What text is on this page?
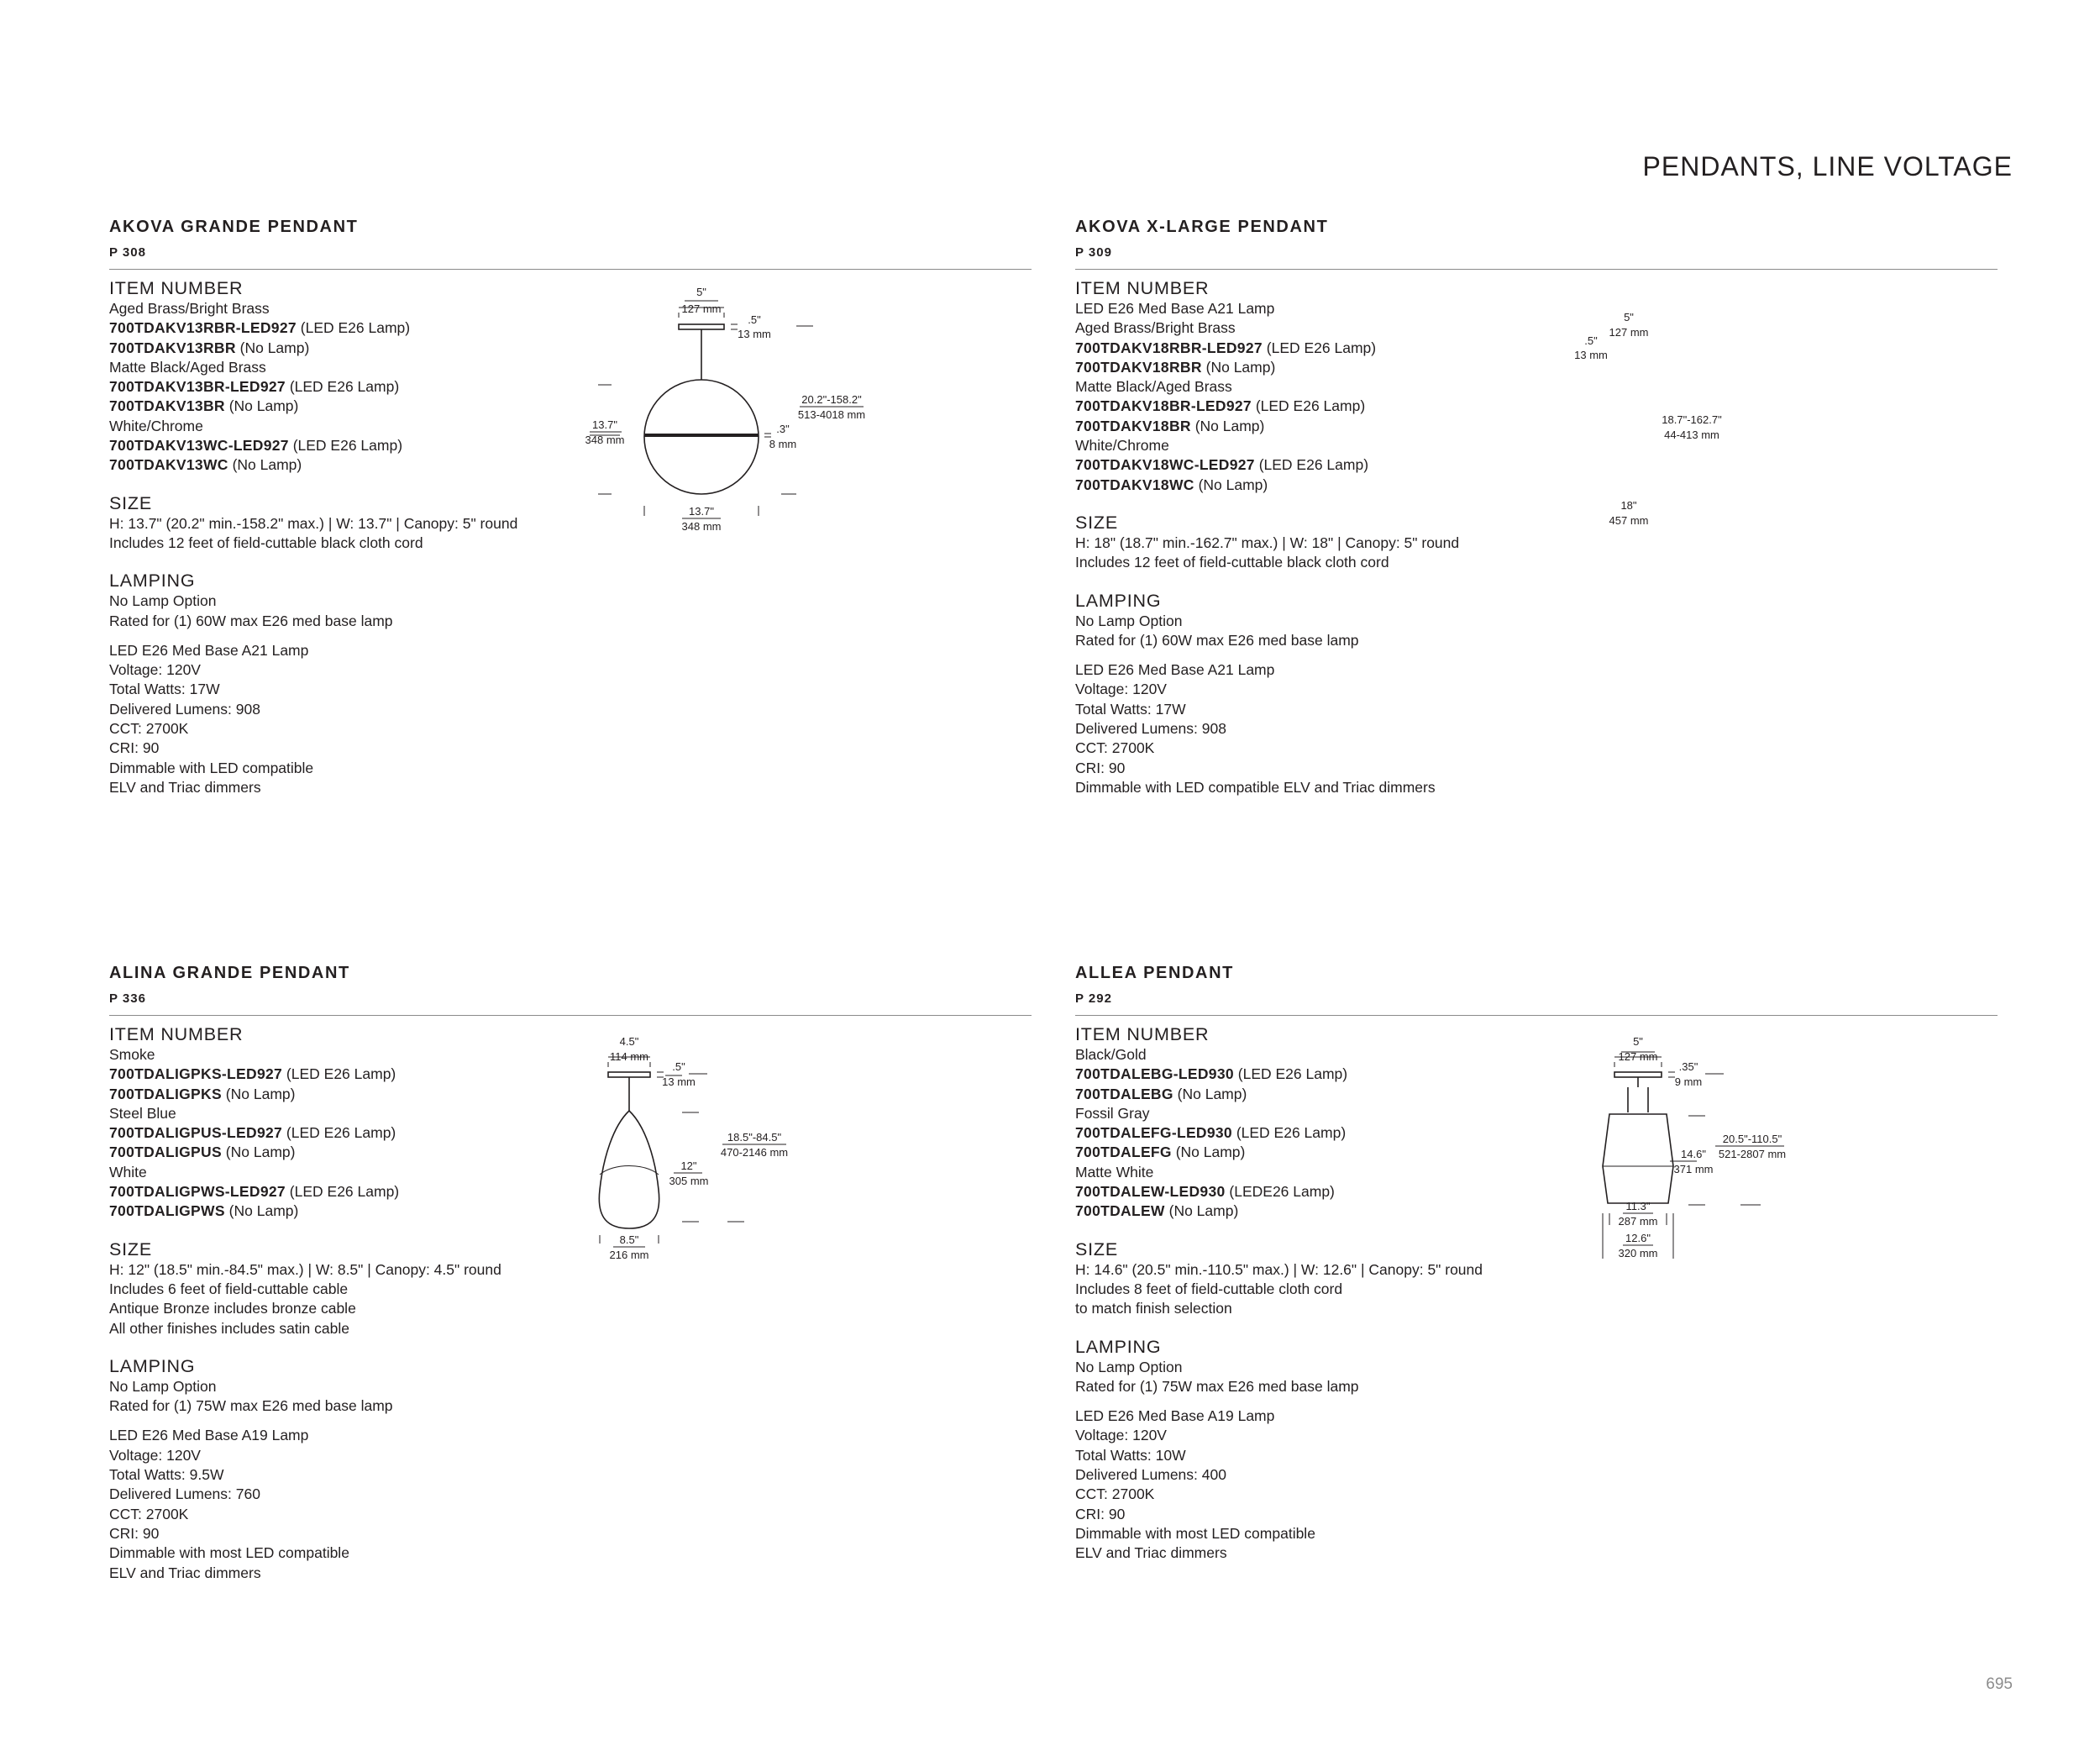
PENDANTS, LINE VOLTAGE
AKOVA GRANDE PENDANT
P 308
ITEM NUMBER
Aged Brass/Bright Brass
700TDAKV13RBR-LED927 (LED E26 Lamp)
700TDAKV13RBR (No Lamp)
Matte Black/Aged Brass
700TDAKV13BR-LED927 (LED E26 Lamp)
700TDAKV13BR (No Lamp)
White/Chrome
700TDAKV13WC-LED927 (LED E26 Lamp)
700TDAKV13WC (No Lamp)
SIZE
H: 13.7" (20.2" min.-158.2" max.) | W: 13.7" | Canopy: 5" round
Includes 12 feet of field-cuttable black cloth cord
LAMPING
No Lamp Option
Rated for (1) 60W max E26 med base lamp
LED E26 Med Base A21 Lamp
Voltage: 120V
Total Watts: 17W
Delivered Lumens: 908
CCT: 2700K
CRI: 90
Dimmable with LED compatible
ELV and Triac dimmers
5"
127 mm
.5"
13 mm
20.2"-158.2"
513-4018 mm
13.7"
348 mm
.3"
8 mm
13.7"
348 mm
AKOVA X-LARGE PENDANT
P 309
ITEM NUMBER
LED E26 Med Base A21 Lamp
Aged Brass/Bright Brass
700TDAKV18RBR-LED927 (LED E26 Lamp)
700TDAKV18RBR (No Lamp)
Matte Black/Aged Brass
700TDAKV18BR-LED927 (LED E26 Lamp)
700TDAKV18BR (No Lamp)
White/Chrome
700TDAKV18WC-LED927 (LED E26 Lamp)
700TDAKV18WC (No Lamp)
SIZE
H: 18" (18.7" min.-162.7" max.) | W: 18" | Canopy: 5" round
Includes 12 feet of field-cuttable black cloth cord
LAMPING
No Lamp Option
Rated for (1) 60W max E26 med base lamp
LED E26 Med Base A21 Lamp
Voltage: 120V
Total Watts: 17W
Delivered Lumens: 908
CCT: 2700K
CRI: 90
Dimmable with LED compatible ELV and Triac dimmers
5"
127 mm
.5"
13 mm
18.7"-162.7"
44-413 mm
18"
457 mm
ALINA GRANDE PENDANT
P 336
ITEM NUMBER
Smoke
700TDALIGPKS-LED927 (LED E26 Lamp)
700TDALIGPKS (No Lamp)
Steel Blue
700TDALIGPUS-LED927 (LED E26 Lamp)
700TDALIGPUS (No Lamp)
White
700TDALIGPWS-LED927 (LED E26 Lamp)
700TDALIGPWS (No Lamp)
SIZE
H: 12" (18.5" min.-84.5" max.) | W: 8.5" | Canopy: 4.5" round
Includes 6 feet of field-cuttable cable
Antique Bronze includes bronze cable
All other finishes includes satin cable
LAMPING
No Lamp Option
Rated for (1) 75W max E26 med base lamp
LED E26 Med Base A19 Lamp
Voltage: 120V
Total Watts: 9.5W
Delivered Lumens: 760
CCT: 2700K
CRI: 90
Dimmable with most LED compatible
ELV and Triac dimmers
4.5"
114 mm
.5"
13 mm
18.5"-84.5"
470-2146 mm
12"
305 mm
8.5"
216 mm
ALLEA PENDANT
P 292
ITEM NUMBER
Black/Gold
700TDALEBG-LED930 (LED E26 Lamp)
700TDALEBG (No Lamp)
Fossil Gray
700TDALEFG-LED930 (LED E26 Lamp)
700TDALEFG (No Lamp)
Matte White
700TDALEW-LED930 (LEDE26 Lamp)
700TDALEW (No Lamp)
SIZE
H: 14.6" (20.5" min.-110.5" max.) | W: 12.6" | Canopy: 5" round
Includes 8 feet of field-cuttable cloth cord
to match finish selection
LAMPING
No Lamp Option
Rated for (1) 75W max E26 med base lamp
LED E26 Med Base A19 Lamp
Voltage: 120V
Total Watts: 10W
Delivered Lumens: 400
CCT: 2700K
CRI: 90
Dimmable with most LED compatible
ELV and Triac dimmers
5"
127 mm
.35"
9 mm
20.5"-110.5"
521-2807 mm
14.6"
371 mm
11.3"
287 mm
12.6"
320 mm
695
